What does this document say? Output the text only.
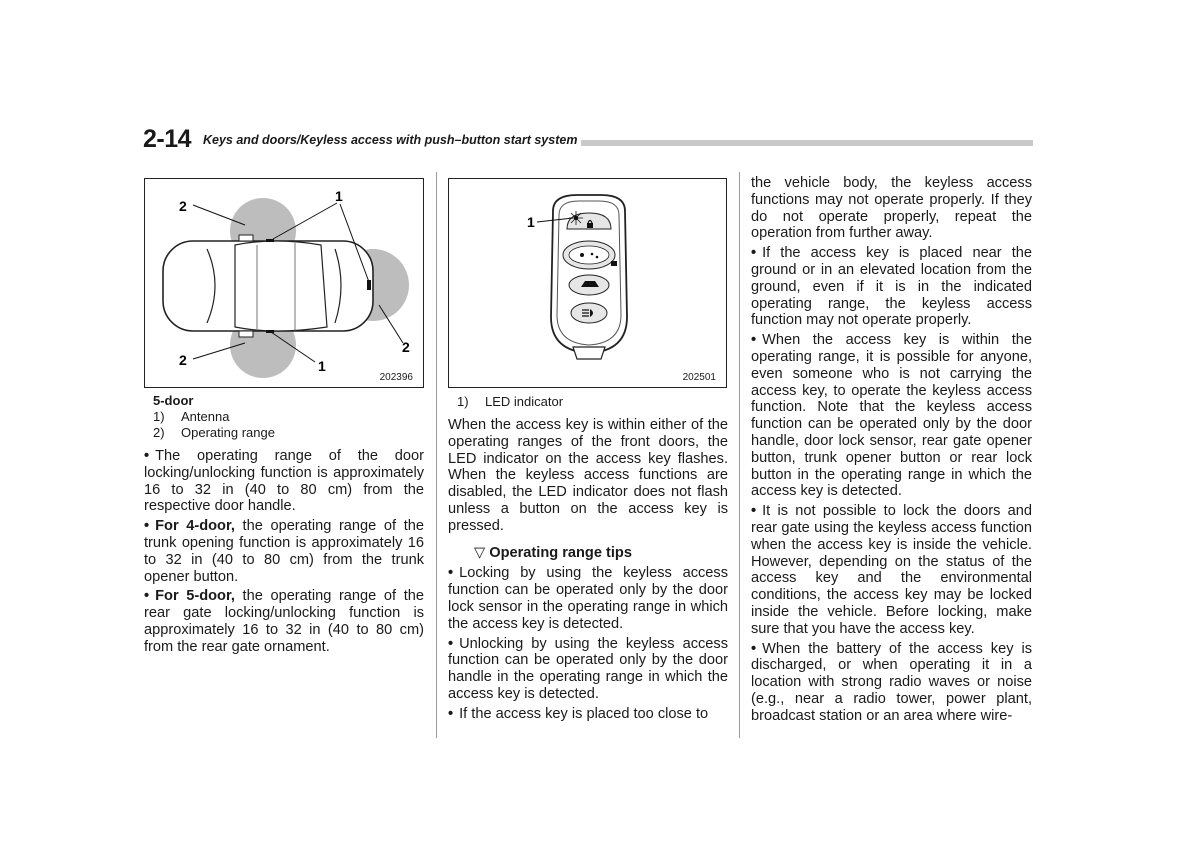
2-14 Keys and doors/Keyless access with push–button start system
1
2
2
2
1
202396
5-door
1)	Antenna
2)	Operating range

• The operating range of the door locking/unlocking function is approximately 16 to 32 in (40 to 80 cm) from the respective door handle.

• For 4-door, the operating range of the trunk opening function is approximately 16 to 32 in (40 to 80 cm) from the trunk opener button.

• For 5-door, the operating range of the rear gate locking/unlocking function is approximately 16 to 32 in (40 to 80 cm) from the rear gate ornament.

1
202501
1)	LED indicator

When the access key is within either of the operating ranges of the front doors, the LED indicator on the access key flashes. When the keyless access functions are disabled, the LED indicator does not flash unless a button on the access key is pressed.

▽ Operating range tips

• Locking by using the keyless access function can be operated only by the door lock sensor in the operating range in which the access key is detected.

• Unlocking by using the keyless access function can be operated only by the door handle in the operating range in which the access key is detected.

• If the access key is placed too close to

the vehicle body, the keyless access functions may not operate properly. If they do not operate properly, repeat the operation from further away.

• If the access key is placed near the ground or in an elevated location from the ground, even if it is in the indicated operating range, the keyless access function may not operate properly.

• When the access key is within the operating range, it is possible for anyone, even someone who is not carrying the access key, to operate the keyless access function. Note that the keyless access function can be operated only by the door handle, door lock sensor, rear gate opener button, trunk opener button or rear lock button in the operating range in which the access key is detected.

• It is not possible to lock the doors and rear gate using the keyless access function when the access key is inside the vehicle. However, depending on the status of the access key and the environmental conditions, the access key may be locked inside the vehicle. Before locking, make sure that you have the access key.

• When the battery of the access key is discharged, or when operating it in a location with strong radio waves or noise (e.g., near a radio tower, power plant, broadcast station or an area where wire-
